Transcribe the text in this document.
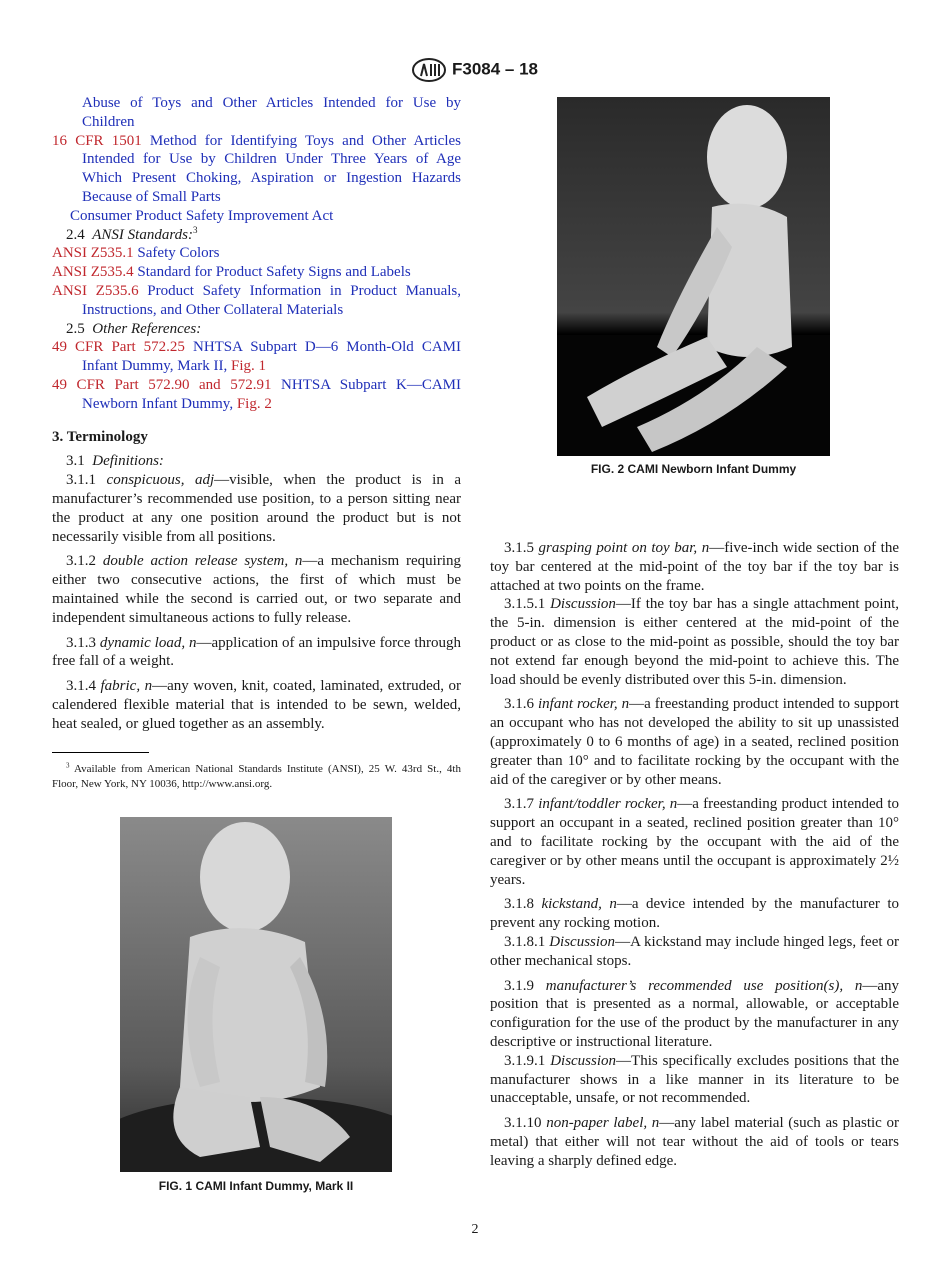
F3084 – 18

Abuse of Toys and Other Articles Intended for Use by Children

16 CFR 1501 Method for Identifying Toys and Other Articles Intended for Use by Children Under Three Years of Age Which Present Choking, Aspiration or Ingestion Hazards Because of Small Parts

Consumer Product Safety Improvement Act

2.4 ANSI Standards:$^3$

ANSI Z535.1 Safety Colors

ANSI Z535.4 Standard for Product Safety Signs and Labels

ANSI Z535.6 Product Safety Information in Product Manuals, Instructions, and Other Collateral Materials

2.5 Other References:

49 CFR Part 572.25 NHTSA Subpart D—6 Month-Old CAMI Infant Dummy, Mark II, Fig. 1

49 CFR Part 572.90 and 572.91 NHTSA Subpart K—CAMI Newborn Infant Dummy, Fig. 2

3. Terminology

3.1 Definitions:

3.1.1 conspicuous, adj—visible, when the product is in a manufacturer’s recommended use position, to a person sitting near the product at any one position around the product but is not necessarily visible from all positions.

3.1.2 double action release system, n—a mechanism requiring either two consecutive actions, the first of which must be maintained while the second is carried out, or two separate and independent simultaneous actions to fully release.

3.1.3 dynamic load, n—application of an impulsive force through free fall of a weight.

3.1.4 fabric, n—any woven, knit, coated, laminated, extruded, or calendered flexible material that is intended to be sewn, welded, heat sealed, or glued together as an assembly.

$^3$ Available from American National Standards Institute (ANSI), 25 W. 43rd St., 4th Floor, New York, NY 10036, http://www.ansi.org.
FIG. 1 CAMI Infant Dummy, Mark II
FIG. 2 CAMI Newborn Infant Dummy

3.1.5 grasping point on toy bar, n—five-inch wide section of the toy bar centered at the mid-point of the toy bar if the toy bar is attached at two points on the frame.

3.1.5.1 Discussion—If the toy bar has a single attachment point, the 5-in. dimension is either centered at the mid-point of the product or as close to the mid-point as possible, should the toy bar not extend far enough beyond the mid-point to achieve this. The load should be evenly distributed over this 5-in. dimension.

3.1.6 infant rocker, n—a freestanding product intended to support an occupant who has not developed the ability to sit up unassisted (approximately 0 to 6 months of age) in a seated, reclined position greater than 10° and to facilitate rocking by the occupant with the aid of the caregiver or by other means.

3.1.7 infant/toddler rocker, n—a freestanding product intended to support an occupant in a seated, reclined position greater than 10° and to facilitate rocking by the occupant with the aid of the caregiver or by other means until the occupant is approximately 2½ years.

3.1.8 kickstand, n—a device intended by the manufacturer to prevent any rocking motion.

3.1.8.1 Discussion—A kickstand may include hinged legs, feet or other mechanical stops.

3.1.9 manufacturer’s recommended use position(s), n—any position that is presented as a normal, allowable, or acceptable configuration for the use of the product by the manufacturer in any descriptive or instructional literature.

3.1.9.1 Discussion—This specifically excludes positions that the manufacturer shows in a like manner in its literature to be unacceptable, unsafe, or not recommended.

3.1.10 non-paper label, n—any label material (such as plastic or metal) that either will not tear without the aid of tools or tears leaving a sharply defined edge.

2
